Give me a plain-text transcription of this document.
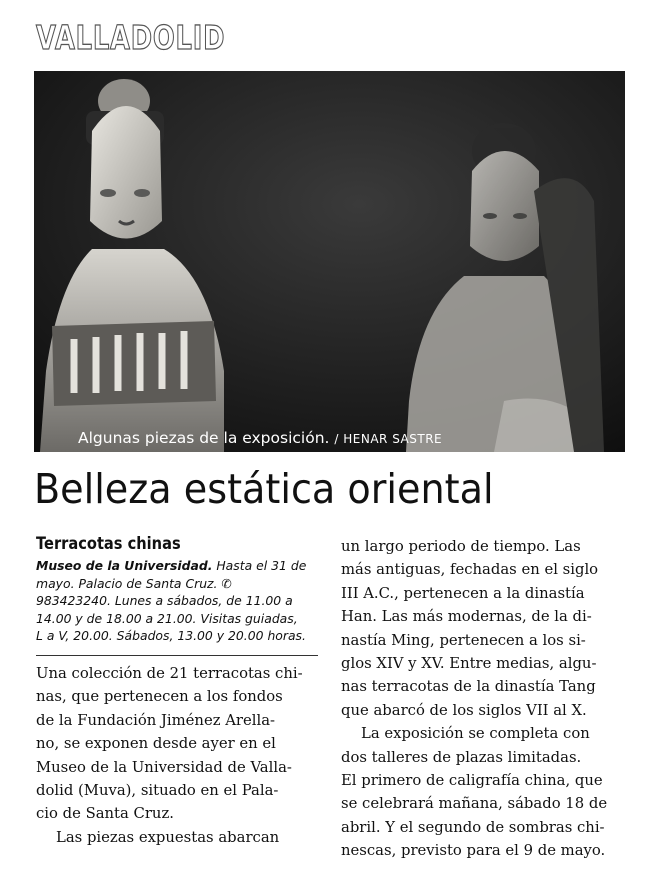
VALLADOLID
Algunas piezas de la exposición. / HENAR SASTRE
Belleza estática oriental
Terracotas chinas

Museo de la Universidad. Hasta el 31 de
mayo. Palacio de Santa Cruz. ✆
983423240. Lunes a sábados, de 11.00 a
14.00 y de 18.00 a 21.00. Visitas guiadas,
L a V, 20.00. Sábados, 13.00 y 20.00 horas.

Una colección de 21 terracotas chi-
nas, que pertenecen a los fondos
de la Fundación Jiménez Arella-
no, se exponen desde ayer en el
Museo de la Universidad de Valla-
dolid (Muva), situado en el Pala-
cio de Santa Cruz.
Las piezas expuestas abarcan
un largo periodo de tiempo. Las
más antiguas, fechadas en el siglo
III A.C., pertenecen a la dinastía
Han. Las más modernas, de la di-
nastía Ming, pertenecen a los si-
glos XIV y XV. Entre medias, algu-
nas terracotas de la dinastía Tang
que abarcó de los siglos VII al X.
La exposición se completa con
dos talleres de plazas limitadas.
El primero de caligrafía china, que
se celebrará mañana, sábado 18 de
abril. Y el segundo de sombras chi-
nescas, previsto para el 9 de mayo.
